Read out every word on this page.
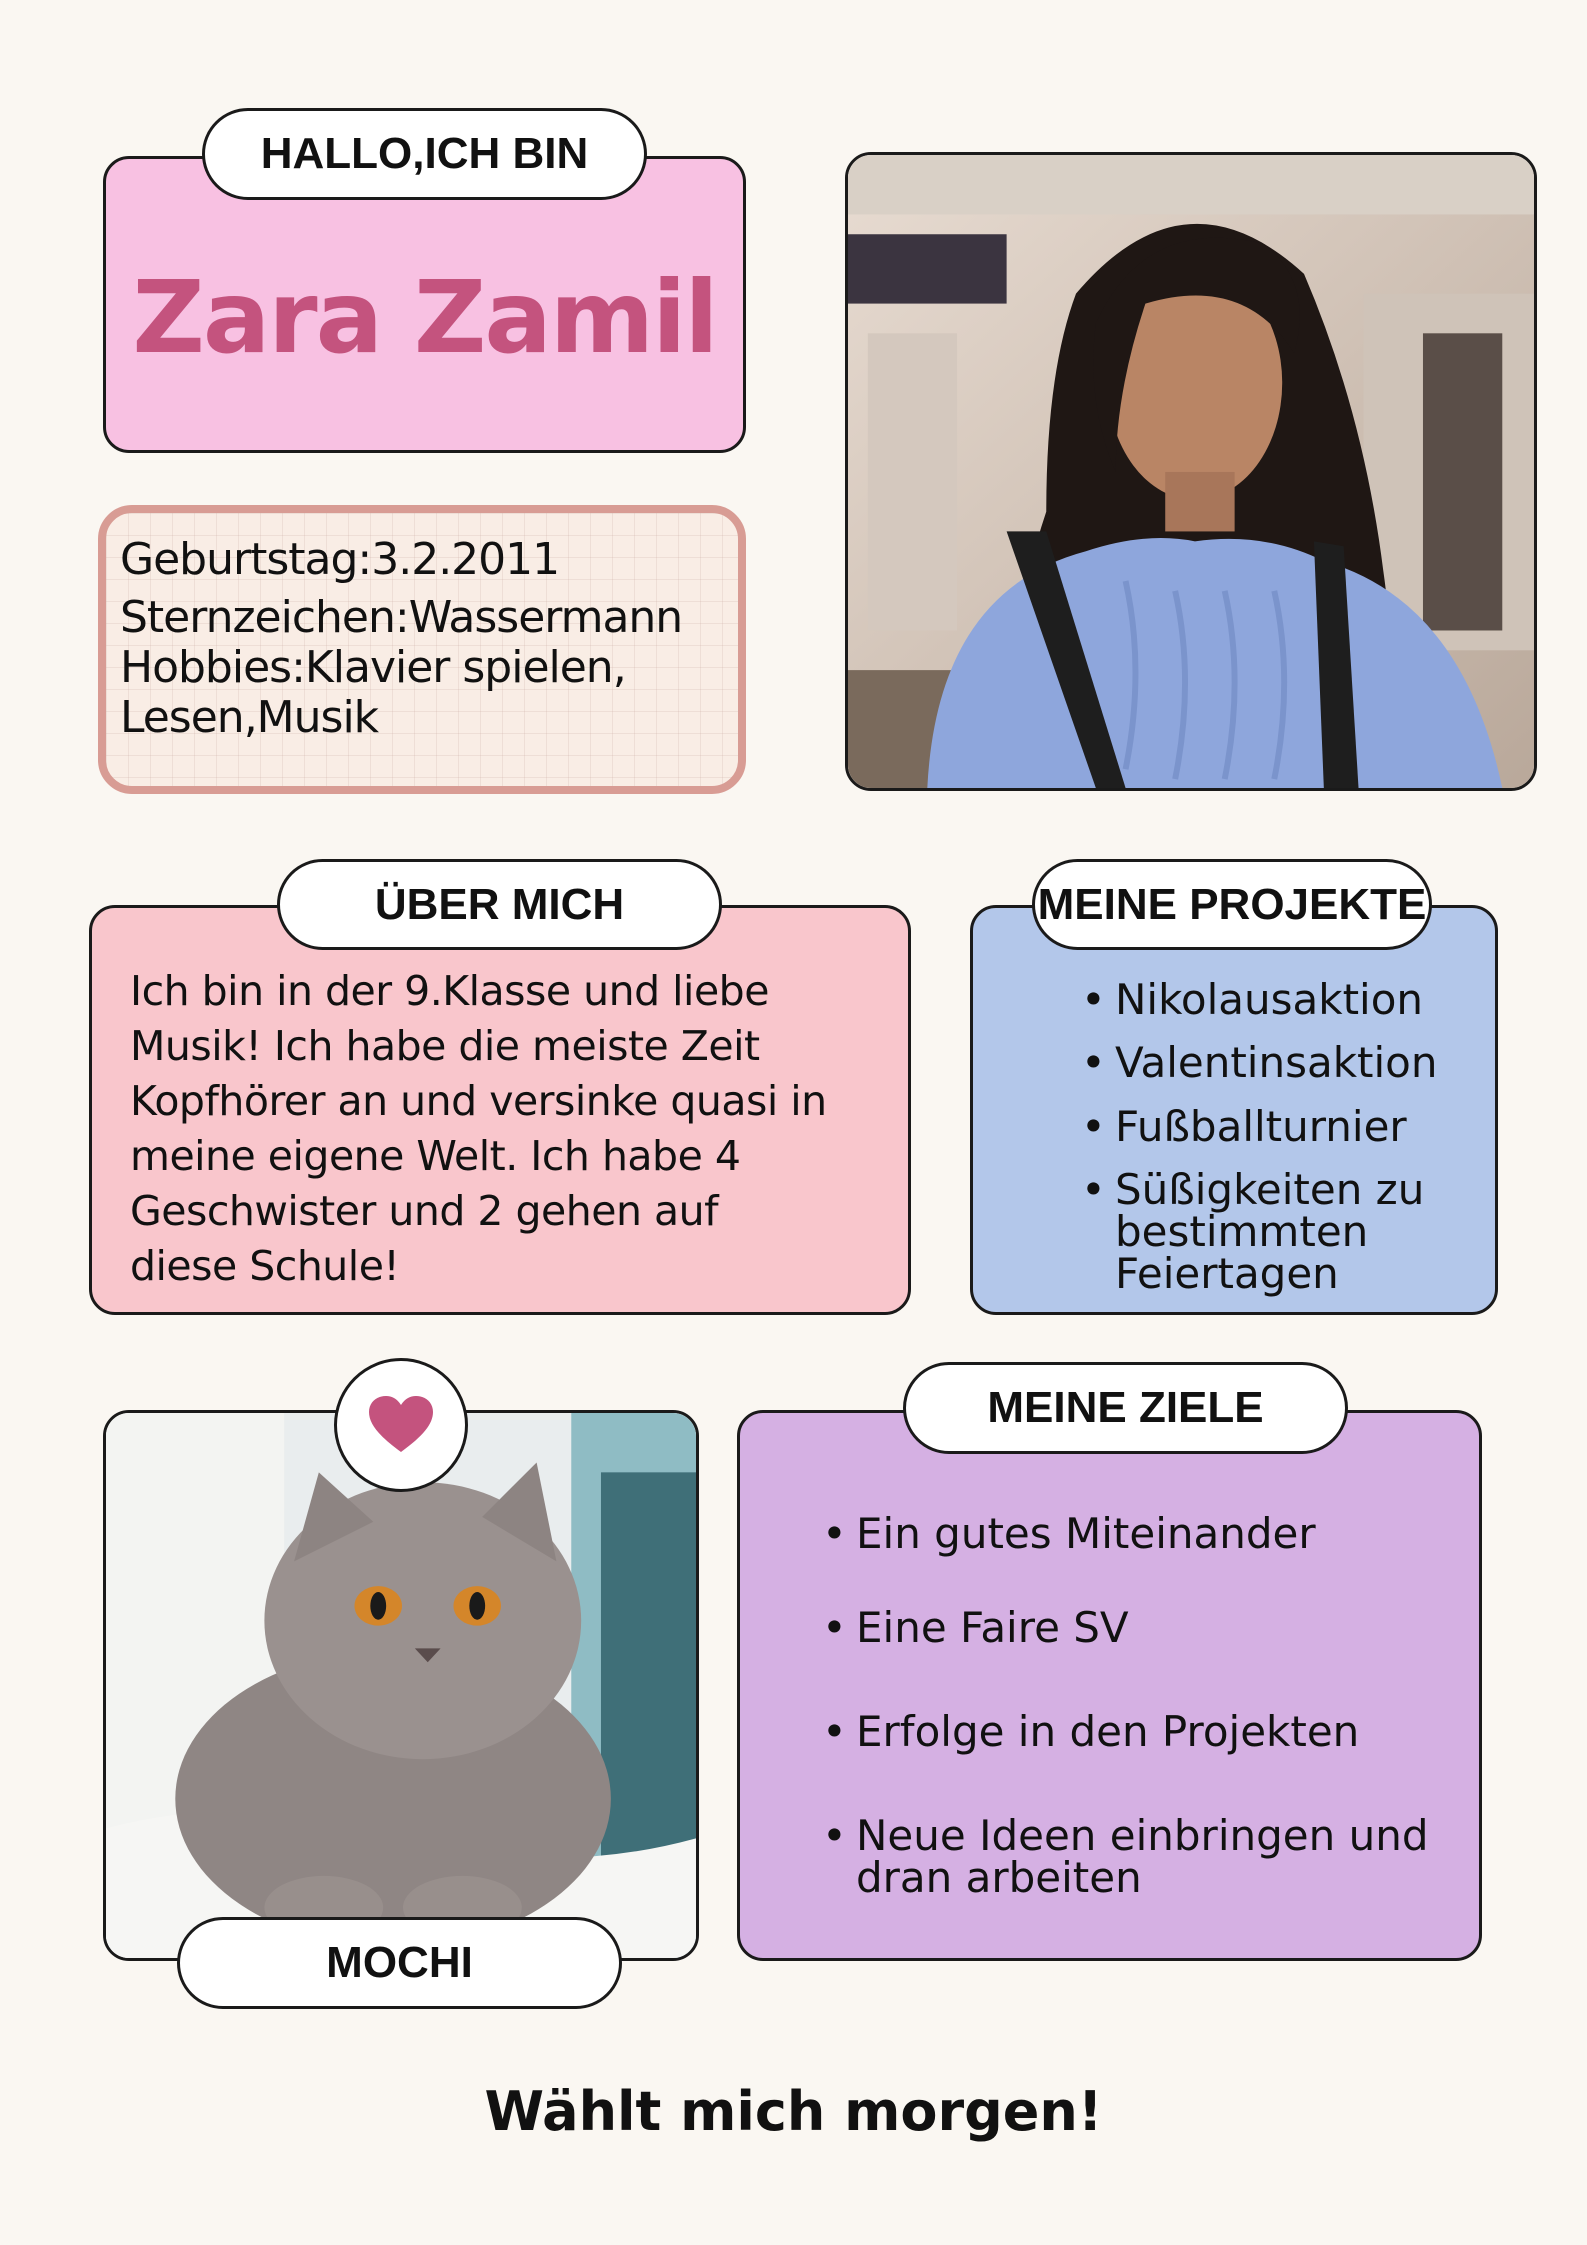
Zara Zamil
HALLO,ICH BIN
Geburtstag:3.2.2011
Sternzeichen:Wassermann
Hobbies:Klavier spielen,
Lesen,Musik
Ich bin in der 9.Klasse und liebe
Musik! Ich habe die meiste Zeit
Kopfhörer an und versinke quasi in
meine eigene Welt. Ich habe 4
Geschwister und 2 gehen auf
diese Schule!
ÜBER MICH
• Nikolausaktion
• Valentinsaktion
• Fußballturnier
• Süßigkeiten zu
bestimmten
Feiertagen
MEINE PROJEKTE
MOCHI
• Ein gutes Miteinander
• Eine Faire SV
• Erfolge in den Projekten
• Neue Ideen einbringen und
dran arbeiten
MEINE ZIELE
Wählt mich morgen!
